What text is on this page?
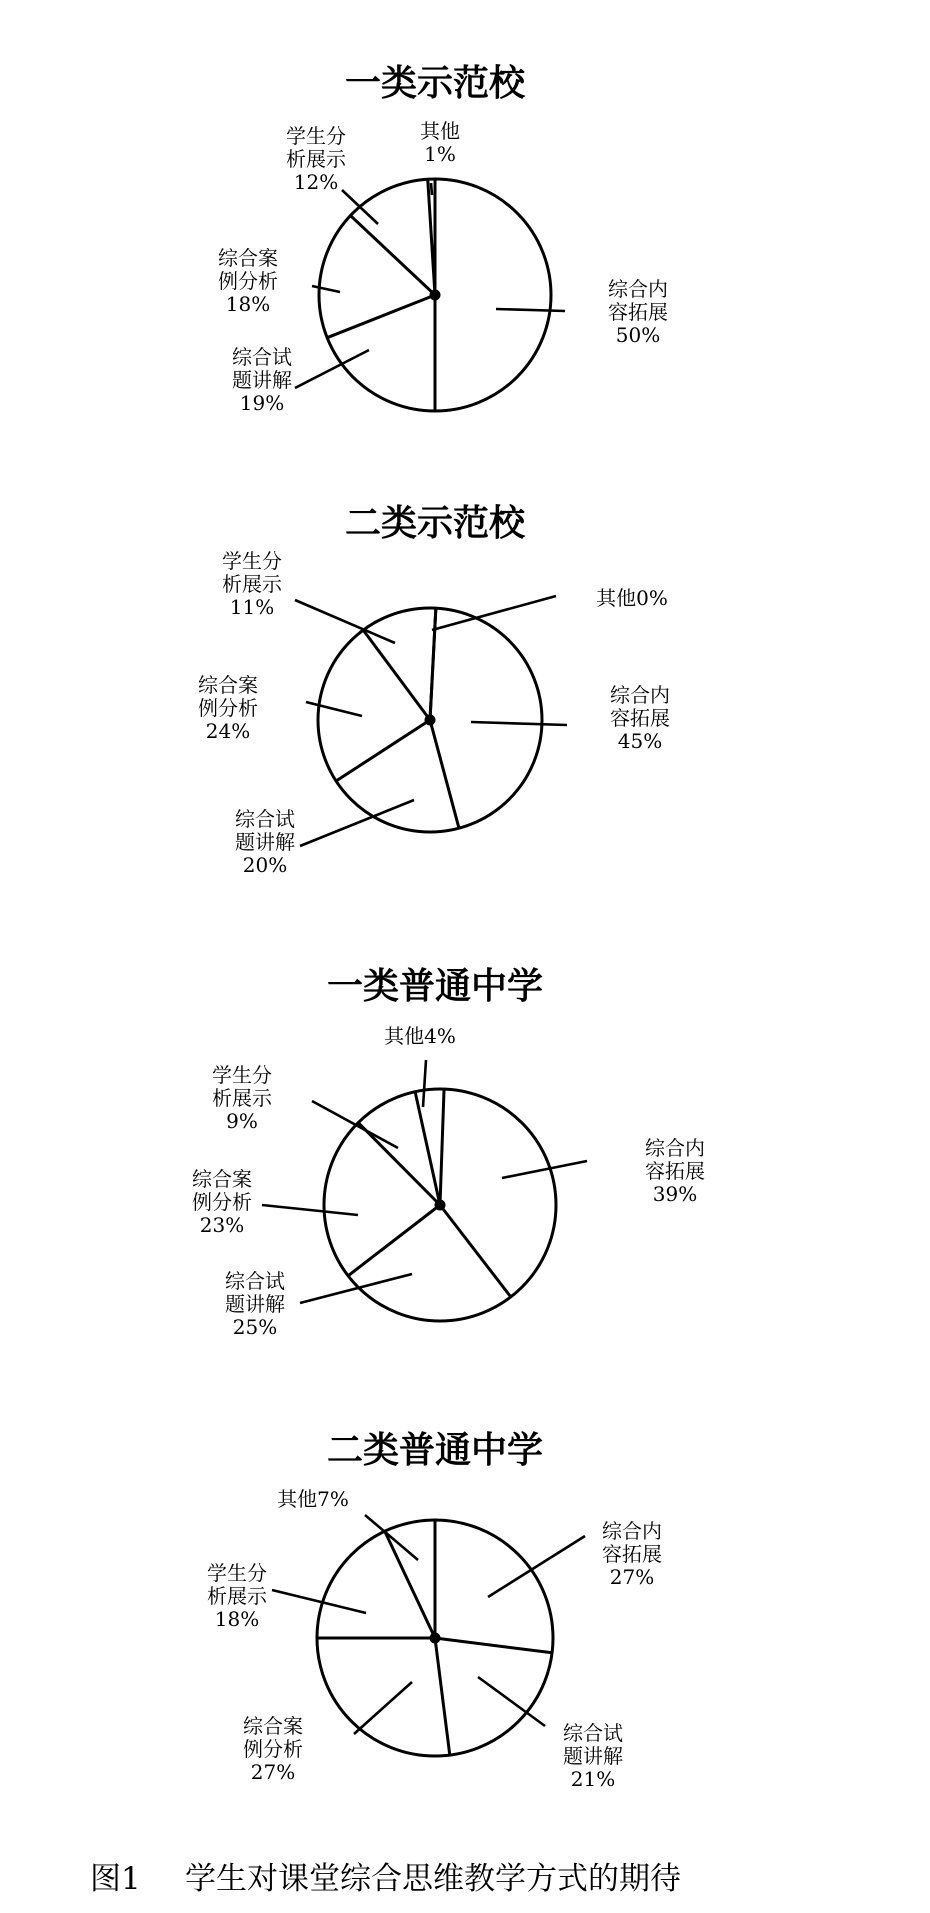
一类示范校
综合内
容拓展
50%
综合试
题讲解
19%
综合案
例分析
18%
学生分
析展示
12%
其他
1%
二类示范校
综合内
容拓展
45%
综合试
题讲解
20%
综合案
例分析
24%
学生分
析展示
11%	其他0%
一类普通中学
综合内
容拓展
39%
综合试
题讲解
25%
综合案
例分析
23%
学生分
析展示
9%
其他4%
二类普通中学
综合内
容拓展
27%
综合试
题讲解
21%
综合案
例分析
27%
学生分
析展示
18%
其他7%
图1 学生对课堂综合思维教学方式的期待
